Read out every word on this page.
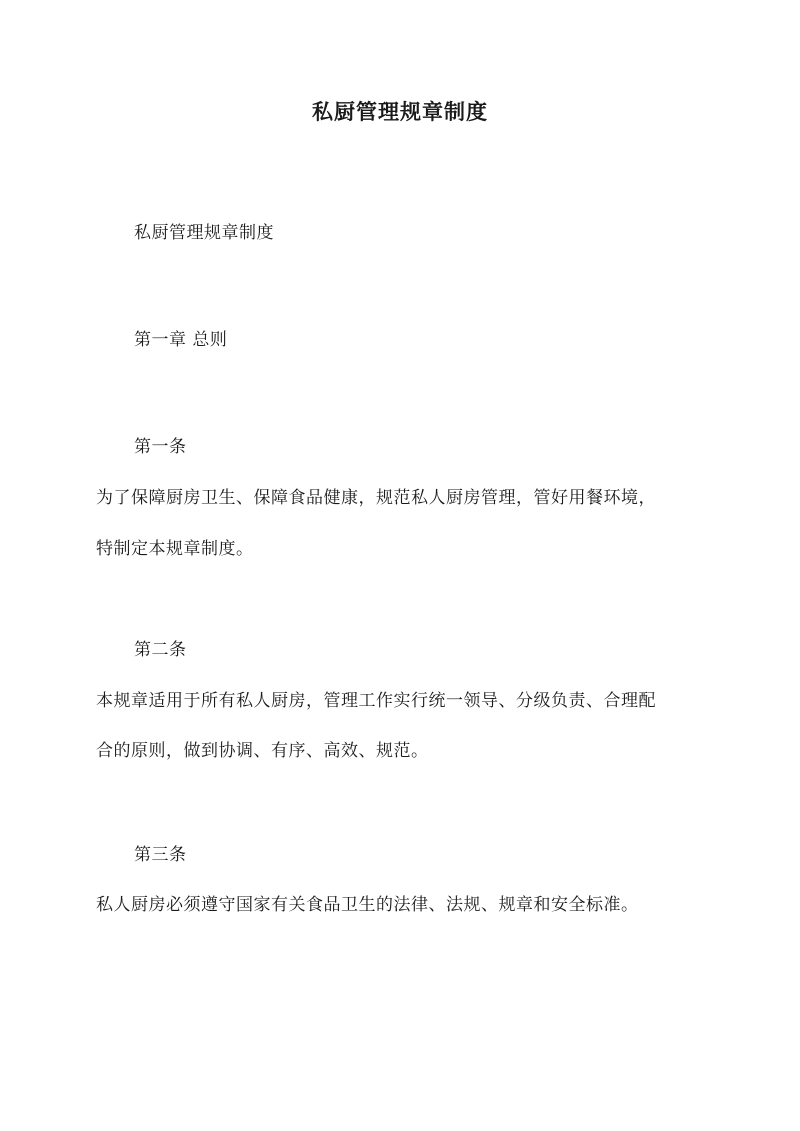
私厨管理规章制度

私厨管理规章制度

第一章 总则

第一条

为了保障厨房卫生、保障食品健康，规范私人厨房管理，管好用餐环境，

特制定本规章制度。

第二条

本规章适用于所有私人厨房，管理工作实行统一领导、分级负责、合理配

合的原则，做到协调、有序、高效、规范。

第三条

私人厨房必须遵守国家有关食品卫生的法律、法规、规章和安全标准。
